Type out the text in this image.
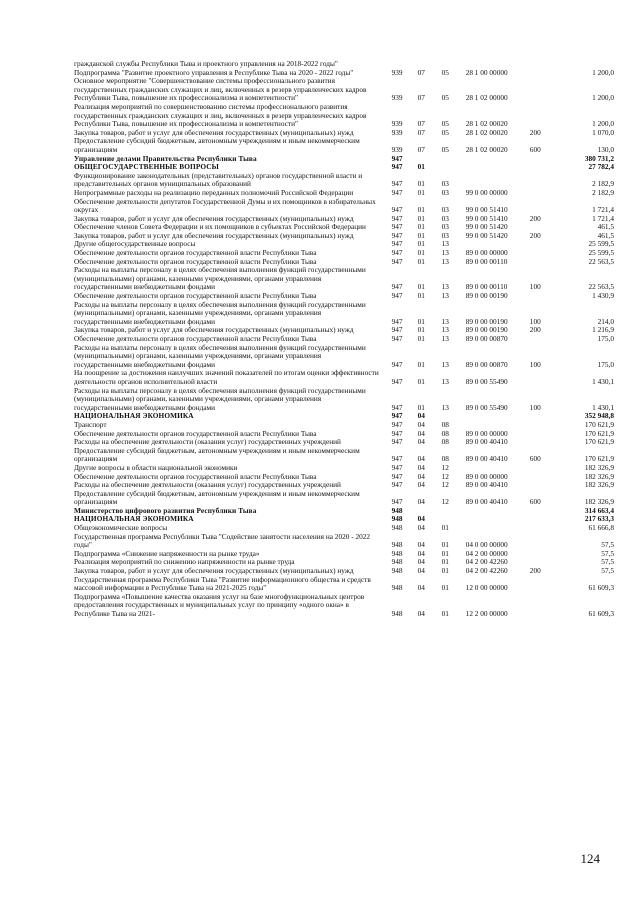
гражданской службы Республики Тыва и проектного управления на 2018-2022 годы"						
Подпрограмма "Развитие проектного управления в Республике Тыва на 2020 - 2022 годы"	939	07	05	28 1 00 00000		1 200,0
Основное мероприятие "Совершенствование системы профессионального развития государственных гражданских служащих и лиц, включенных в резерв управленческих кадров Республики Тыва, повышение их профессионализма и компетентности"	939	07	05	28 1 02 00000		1 200,0
Реализация мероприятий по совершенствованию системы профессионального развития государственных гражданских служащих и лиц, включенных в резерв управленческих кадров Республики Тыва, повышение их профессионализма и компетентности"	939	07	05	28 1 02 00020		1 200,0
Закупка товаров, работ и услуг для обеспечения государственных (муниципальных) нужд	939	07	05	28 1 02 00020	200	1 070,0
Предоставление субсидий бюджетным, автономным учреждениям и иным некоммерческим организациям	939	07	05	28 1 02 00020	600	130,0
Управление делами Правительства Республики Тыва	947					380 731,2
ОБЩЕГОСУДАРСТВЕННЫЕ ВОПРОСЫ	947	01				27 782,4
Функционирование законодательных (представительных) органов государственной власти и представительных органов муниципальных образований	947	01	03			2 182,9
Непрограммные расходы на реализацию переданных полномочий Российской Федерации	947	01	03	99 0 00 00000		2 182,9
Обеспечение деятельности депутатов Государственной Думы и их помощников в избирательных округах	947	01	03	99 0 00 51410		1 721,4
Закупка товаров, работ и услуг для обеспечения государственных (муниципальных) нужд	947	01	03	99 0 00 51410	200	1 721,4
Обеспечение членов Совета Федерации и их помощников в субъектах Российской Федерации	947	01	03	99 0 00 51420		461,5
Закупка товаров, работ и услуг для обеспечения государственных (муниципальных) нужд	947	01	03	99 0 00 51420	200	461,5
Другие общегосударственные вопросы	947	01	13			25 599,5
Обеспечение деятельности органов государственной власти Республики Тыва	947	01	13	89 0 00 00000		25 599,5
Обеспечение деятельности органов государственной власти Республики Тыва	947	01	13	89 0 00 00110		22 563,5
Расходы на выплаты персоналу в целях обеспечения выполнения функций государственными (муниципальными) органами, казенными учреждениями, органами управления государственными внебюджетными фондами	947	01	13	89 0 00 00110	100	22 563,5
Обеспечение деятельности органов государственной власти Республики Тыва	947	01	13	89 0 00 00190		1 430,9
Расходы на выплаты персоналу в целях обеспечения выполнения функций государственными (муниципальными) органами, казенными учреждениями, органами управления государственными внебюджетными фондами	947	01	13	89 0 00 00190	100	214,0
Закупка товаров, работ и услуг для обеспечения государственных (муниципальных) нужд	947	01	13	89 0 00 00190	200	1 216,9
Обеспечение деятельности органов государственной власти Республики Тыва	947	01	13	89 0 00 00870		175,0
Расходы на выплаты персоналу в целях обеспечения выполнения функций государственными (муниципальными) органами, казенными учреждениями, органами управления государственными внебюджетными фондами	947	01	13	89 0 00 00870	100	175,0
На поощрение за достижения наилучших значений показателей по итогам оценки эффективности деятельности органов исполнительной власти	947	01	13	89 0 00 55490		1 430,1
Расходы на выплаты персоналу в целях обеспечения выполнения функций государственными (муниципальными) органами, казенными учреждениями, органами управления государственными внебюджетными фондами	947	01	13	89 0 00 55490	100	1 430,1
НАЦИОНАЛЬНАЯ ЭКОНОМИКА	947	04				352 948,8
Транспорт	947	04	08			170 621,9
Обеспечение деятельности органов государственной власти Республики Тыва	947	04	08	89 0 00 00000		170 621,9
Расходы на обеспечение деятельности (оказания услуг) государственных учреждений	947	04	08	89 0 00 40410		170 621,9
Предоставление субсидий бюджетным, автономным учреждениям и иным некоммерческим организациям	947	04	08	89 0 00 40410	600	170 621,9
Другие вопросы в области национальной экономики	947	04	12			182 326,9
Обеспечение деятельности органов государственной власти Республики Тыва	947	04	12	89 0 00 00000		182 326,9
Расходы на обеспечение деятельности (оказания услуг) государственных учреждений	947	04	12	89 0 00 40410		182 326,9
Предоставление субсидий бюджетным, автономным учреждениям и иным некоммерческим организациям	947	04	12	89 0 00 40410	600	182 326,9
Министерство цифрового развития Республики Тыва	948					314 663,4
НАЦИОНАЛЬНАЯ ЭКОНОМИКА	948	04				217 633,3
Общеэкономические вопросы	948	04	01			61 666,8
Государственная программа Республики Тыва "Содействие занятости населения на 2020 - 2022 годы"	948	04	01	04 0 00 00000		57,5
Подпрограмма «Снижение напряженности на рынке труда»	948	04	01	04 2 00 00000		57,5
Реализация мероприятий по снижению напряженности на рынке труда	948	04	01	04 2 00 42260		57,5
Закупка товаров, работ и услуг для обеспечения государственных (муниципальных) нужд	948	04	01	04 2 00 42260	200	57,5
Государственная программа Республики Тыва "Развитие информационного общества и средств массовой информации в Республике Тыва на 2021-2025 годы"	948	04	01	12 0 00 00000		61 609,3
Подпрограмма «Повышение качества оказания услуг на базе многофункциональных центров предоставления государственных и муниципальных услуг по принципу «одного окна» в Республике Тыва на 2021-	948	04	01	12 2 00 00000		61 609,3
124
